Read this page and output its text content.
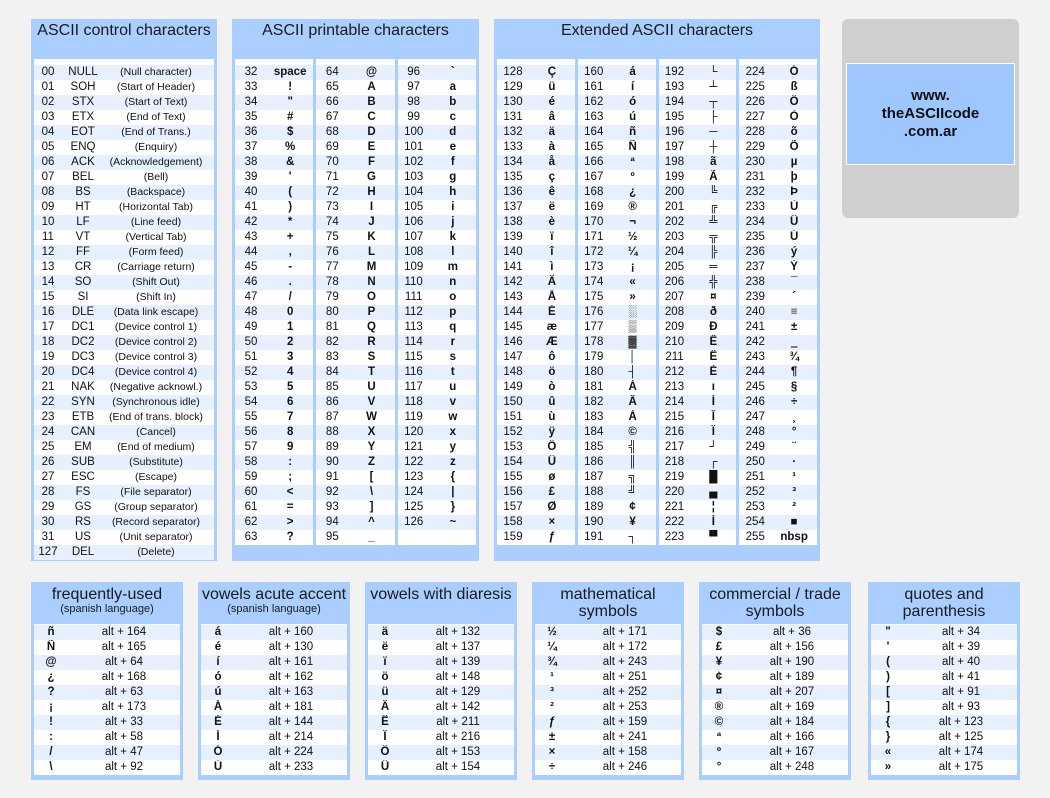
ASCII control characters
00	NULL	(Null character)
01	SOH	(Start of Header)
02	STX	(Start of Text)
03	ETX	(End of Text)
04	EOT	(End of Trans.)
05	ENQ	(Enquiry)
06	ACK	(Acknowledgement)
07	BEL	(Bell)
08	BS	(Backspace)
09	HT	(Horizontal Tab)
10	LF	(Line feed)
11	VT	(Vertical Tab)
12	FF	(Form feed)
13	CR	(Carriage return)
14	SO	(Shift Out)
15	SI	(Shift In)
16	DLE	(Data link escape)
17	DC1	(Device control 1)
18	DC2	(Device control 2)
19	DC3	(Device control 3)
20	DC4	(Device control 4)
21	NAK	(Negative acknowl.)
22	SYN	(Synchronous idle)
23	ETB	(End of trans. block)
24	CAN	(Cancel)
25	EM	(End of medium)
26	SUB	(Substitute)
27	ESC	(Escape)
28	FS	(File separator)
29	GS	(Group separator)
30	RS	(Record separator)
31	US	(Unit separator)
127	DEL	(Delete)
ASCII printable characters
32	space
33	!
34	"
35	#
36	$
37	%
38	&
39	'
40	(
41	)
42	*
43	+
44	,
45	-
46	.
47	/
48	0
49	1
50	2
51	3
52	4
53	5
54	6
55	7
56	8
57	9
58	:
59	;
60	<
61	=
62	>
63	?
64	@
65	A
66	B
67	C
68	D
69	E
70	F
71	G
72	H
73	I
74	J
75	K
76	L
77	M
78	N
79	O
80	P
81	Q
82	R
83	S
84	T
85	U
86	V
87	W
88	X
89	Y
90	Z
91	[
92	\
93	]
94	^
95	_
96	`
97	a
98	b
99	c
100	d
101	e
102	f
103	g
104	h
105	i
106	j
107	k
108	l
109	m
110	n
111	o
112	p
113	q
114	r
115	s
116	t
117	u
118	v
119	w
120	x
121	y
122	z
123	{
124	|
125	}
126	~
Extended ASCII characters
128	Ç
129	ü
130	é
131	â
132	ä
133	à
134	å
135	ç
136	ê
137	ë
138	è
139	ï
140	î
141	ì
142	Ä
143	Å
144	É
145	æ
146	Æ
147	ô
148	ö
149	ò
150	û
151	ù
152	ÿ
153	Ö
154	Ü
155	ø
156	£
157	Ø
158	×
159	ƒ
160	á
161	í
162	ó
163	ú
164	ñ
165	Ñ
166	ª
167	º
168	¿
169	®
170	¬
171	½
172	¼
173	¡
174	«
175	»
176	░
177	▒
178	▓
179	│
180	┤
181	Á
182	Â
183	À
184	©
185	╣
186	║
187	╗
188	╝
189	¢
190	¥
191	┐
192	└
193	┴
194	┬
195	├
196	─
197	┼
198	ã
199	Ã
200	╚
201	╔
202	╩
203	╦
204	╠
205	═
206	╬
207	¤
208	ð
209	Ð
210	Ê
211	Ë
212	È
213	ı
214	Í
215	Î
216	Ï
217	┘
218	┌
219	█
220	▄
221	¦
222	Ì
223	▀
224	Ó
225	ß
226	Ô
227	Ò
228	õ
229	Õ
230	µ
231	þ
232	Þ
233	Ú
234	Û
235	Ù
236	ý
237	Ý
238	¯
239	´
240	≡
241	±
242	‗
243	¾
244	¶
245	§
246	÷
247	¸
248	°
249	¨
250	·
251	¹
252	³
253	²
254	■
255	nbsp
www.
theASCIIcode
.com.ar
frequently-used

(spanish language)
ñ	alt + 164
Ñ	alt + 165
@	alt + 64
¿	alt + 168
?	alt + 63
¡	alt + 173
!	alt + 33
:	alt + 58
/	alt + 47
\	alt + 92
vowels acute accent

(spanish language)
á	alt + 160
é	alt + 130
í	alt + 161
ó	alt + 162
ú	alt + 163
Á	alt + 181
É	alt + 144
Í	alt + 214
Ó	alt + 224
Ú	alt + 233
vowels with diaresis
ä	alt + 132
ë	alt + 137
ï	alt + 139
ö	alt + 148
ü	alt + 129
Ä	alt + 142
Ë	alt + 211
Ï	alt + 216
Ö	alt + 153
Ü	alt + 154
mathematical symbols
½	alt + 171
¼	alt + 172
¾	alt + 243
¹	alt + 251
³	alt + 252
²	alt + 253
ƒ	alt + 159
±	alt + 241
×	alt + 158
÷	alt + 246
commercial / trade symbols
$	alt + 36
£	alt + 156
¥	alt + 190
¢	alt + 189
¤	alt + 207
®	alt + 169
©	alt + 184
ª	alt + 166
º	alt + 167
°	alt + 248
quotes and parenthesis
"	alt + 34
'	alt + 39
(	alt + 40
)	alt + 41
[	alt + 91
]	alt + 93
{	alt + 123
}	alt + 125
«	alt + 174
»	alt + 175
